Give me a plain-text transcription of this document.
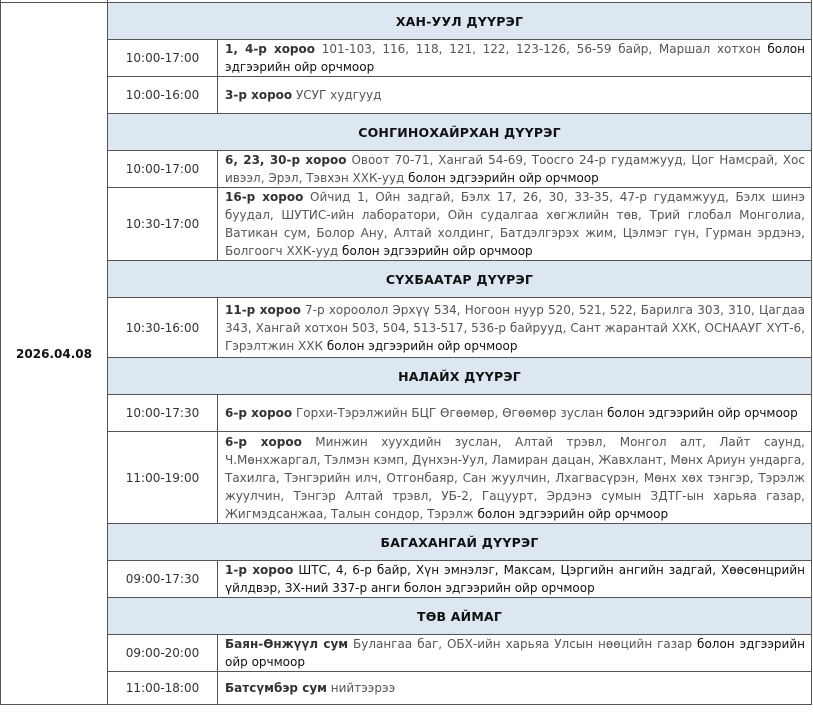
2026.04.08	ХАН-УУЛ ДҮҮРЭГ	
	10:00-17:00	1, 4-р хороо 101-103, 116, 118, 121, 122, 123-126, 56-59 байр, Маршал хотхон болон эдгээрийн ойр орчмоор
	10:00-16:00	3-р хороо УСУГ худгууд
	СОНГИНОХАЙРХАН ДҮҮРЭГ	
	10:00-17:00	6, 23, 30-р хороо Овоот 70-71, Хангай 54-69, Тоосго 24-р гудамжууд, Цог Намсрай, Хос ивээл, Эрэл, Тэвхэн ХХК-ууд болон эдгээрийн ойр орчмоор
	10:30-17:00	16-р хороо Ойчид 1, Ойн задгай, Бэлх 17, 26, 30, 33-35, 47-р гудамжууд, Бэлх шинэ буудал, ШУТИС-ийн лаборатори, Ойн судалгаа хөгжлийн төв, Трий глобал Монголиа, Ватикан сум, Болор Ану, Алтай холдинг, Батдэлгэрэх жим, Цэлмэг гүн, Гурман эрдэнэ, Болгоогч ХХК-ууд болон эдгээрийн ойр орчмоор
	СҮХБААТАР ДҮҮРЭГ	
	10:30-16:00	11-р хороо 7-р хороолол Эрхүү 534, Ногоон нуур 520, 521, 522, Барилга 303, 310, Цагдаа 343, Хангай хотхон 503, 504, 513-517, 536-р байрууд, Сант жарантай ХХК, ОСНААУГ ХҮТ-6, Гэрэлтжин ХХК болон эдгээрийн ойр орчмоор
	НАЛАЙХ ДҮҮРЭГ	
	10:00-17:30	6-р хороо Горхи-Тэрэлжийн БЦГ Өгөөмөр, Өгөөмөр зуслан болон эдгээрийн ойр орчмоор
	11:00-19:00	6-р хороо Минжин хуухдийн зуслан, Алтай трэвл, Монгол алт, Лайт саунд, Ч.Мөнхжаргал, Тэлмэн кэмп, Дүнхэн-Уул, Ламиран дацан, Жавхлант, Мөнх Ариун ундарга, Тахилга, Тэнгэрийн илч, Отгонбаяр, Сан жуулчин, Лхагвасүрэн, Мөнх хөх тэнгэр, Тэрэлж жуулчин, Тэнгэр Алтай трэвл, УБ-2, Гацуурт, Эрдэнэ сумын ЗДТГ-ын харьяа газар, Жигмэдсанжаа, Талын сондор, Тэрэлж болон эдгээрийн ойр орчмоор
	БАГАХАНГАЙ ДҮҮРЭГ	
	09:00-17:30	1-р хороо ШТС, 4, 6-р байр, Хүн эмнэлэг, Максам, Цэргийн ангийн задгай, Хөөсөнцрийн үйлдвэр, ЗХ-ний 337-р анги болон эдгээрийн ойр орчмоор
	ТӨВ АЙМАГ	
	09:00-20:00	Баян-Өнжүүл сум Булангаа баг, ОБХ-ийн харьяа Улсын нөөцийн газар болон эдгээрийн ойр орчмоор
	11:00-18:00	Батсүмбэр сум нийтээрээ
